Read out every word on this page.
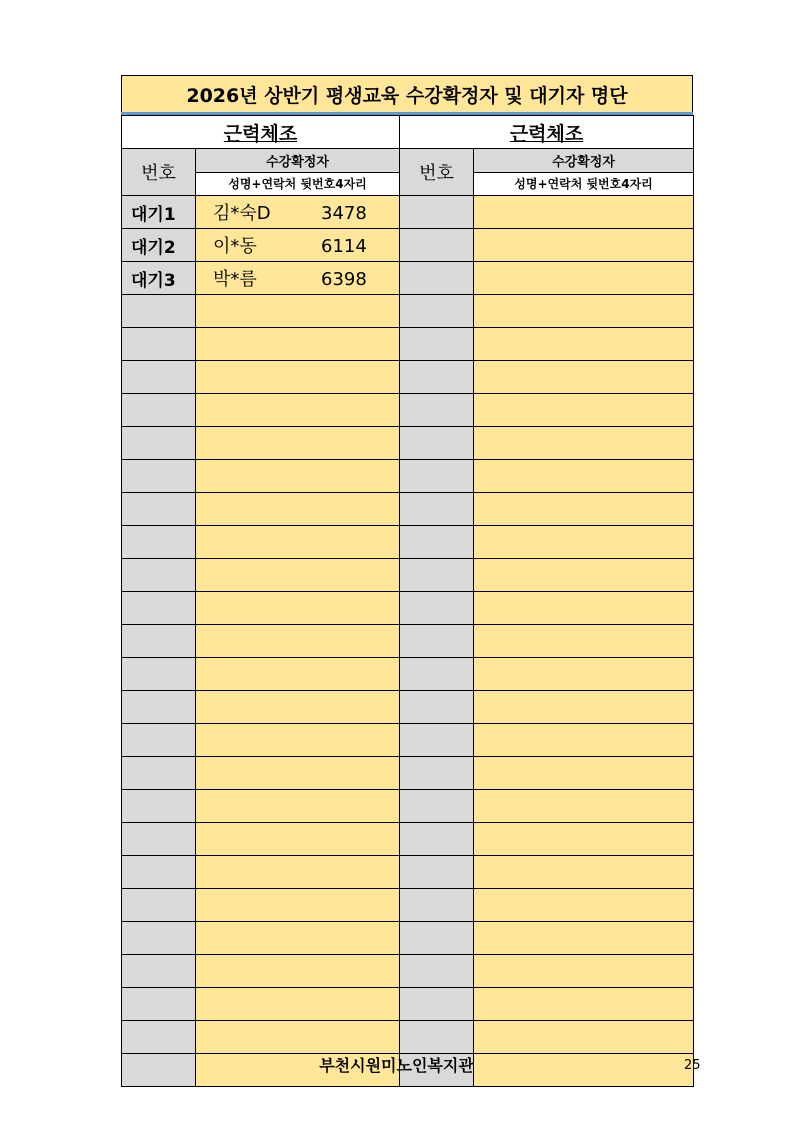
2026년 상반기 평생교육 수강확정자 및 대기자 명단
근력체조		근력체조	
번호	수강확정자	번호	수강확정자
	성명+연락처 뒷번호4자리		성명+연락처 뒷번호4자리
대기1	김*숙D 3478		
대기2	이*동 6114		
대기3	박*름 6398		

부천시원미노인복지관	25
